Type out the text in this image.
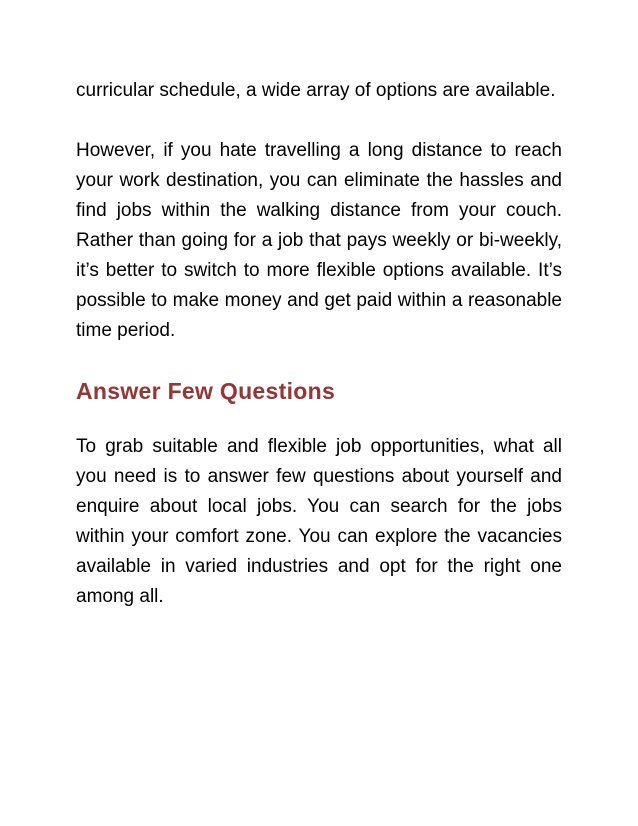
curricular schedule, a wide array of options are available.

However, if you hate travelling a long distance to reach your work destination, you can eliminate the hassles and find jobs within the walking distance from your couch. Rather than going for a job that pays weekly or bi-weekly, it’s better to switch to more flexible options available. It’s possible to make money and get paid within a reasonable time period.

Answer Few Questions

To grab suitable and flexible job opportunities, what all you need is to answer few questions about yourself and enquire about local jobs. You can search for the jobs within your comfort zone. You can explore the vacancies available in varied industries and opt for the right one among all.
